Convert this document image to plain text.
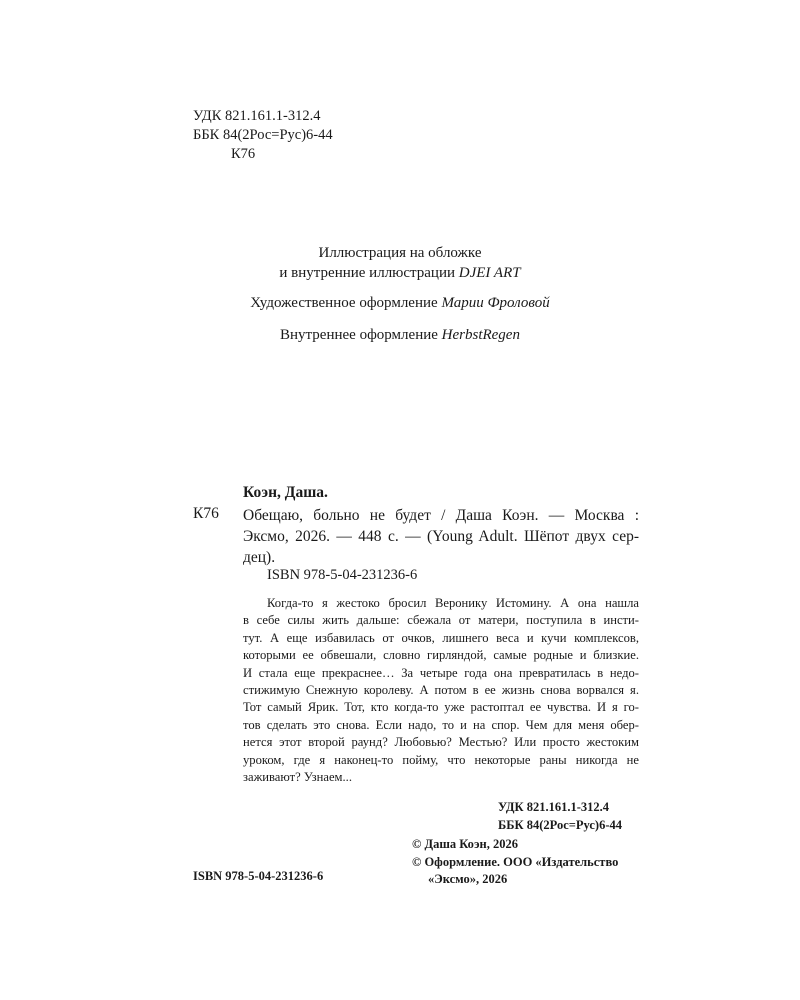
УДК 821.161.1-312.4
ББК 84(2Рос=Рус)6-44
К76
Иллюстрация на обложке
и внутренние иллюстрации DJEI ART
Художественное оформление Марии Фроловой
Внутреннее оформление HerbstRegen
Коэн, Даша.
К76 Обещаю, больно не будет / Даша Коэн. — Москва :
Эксмо, 2026. — 448 с. — (Young Adult. Шёпот двух сер-
дец).
ISBN 978-5-04-231236-6
Когда-то я жестоко бросил Веронику Истомину. А она нашла
в себе силы жить дальше: сбежала от матери, поступила в инсти-
тут. А еще избавилась от очков, лишнего веса и кучи комплексов,
которыми ее обвешали, словно гирляндой, самые родные и близкие.
И стала еще прекраснее… За четыре года она превратилась в недо-
стижимую Снежную королеву. А потом в ее жизнь снова ворвался я.
Тот самый Ярик. Тот, кто когда-то уже растоптал ее чувства. И я го-
тов сделать это снова. Если надо, то и на спор. Чем для меня обер-
нется этот второй раунд? Любовью? Местью? Или просто жестоким
уроком, где я наконец-то пойму, что некоторые раны никогда не
заживают? Узнаем...
УДК 821.161.1-312.4
ББК 84(2Рос=Рус)6-44
© Даша Коэн, 2026
© Оформление. ООО «Издательство
«Эксмо», 2026
ISBN 978-5-04-231236-6
